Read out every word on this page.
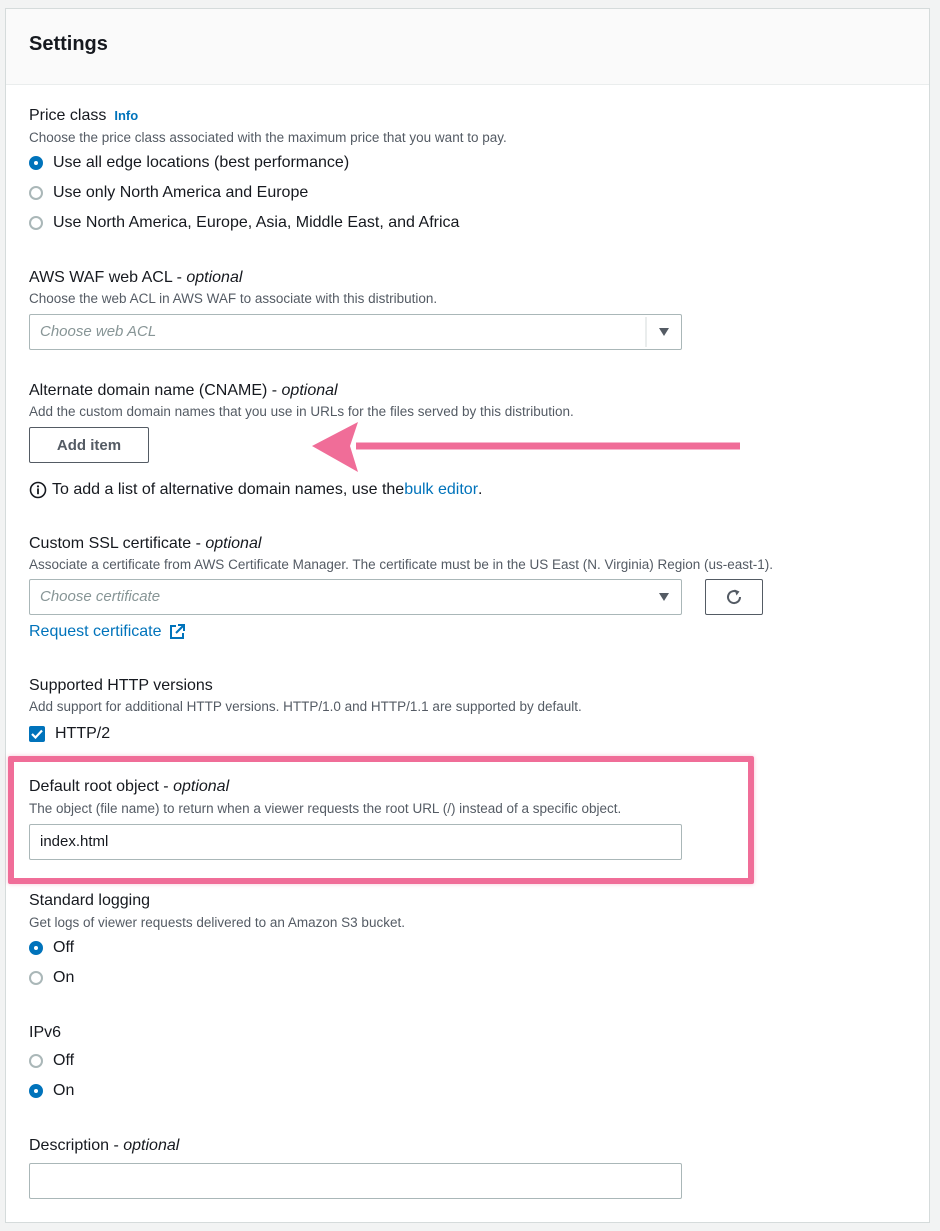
Settings
Price class Info
Choose the price class associated with the maximum price that you want to pay.
Use all edge locations (best performance)
Use only North America and Europe
Use North America, Europe, Asia, Middle East, and Africa
AWS WAF web ACL - optional
Choose the web ACL in AWS WAF to associate with this distribution.
Choose web ACL
Alternate domain name (CNAME) - optional
Add the custom domain names that you use in URLs for the files served by this distribution.
Add item
To add a list of alternative domain names, use the bulk editor .
Custom SSL certificate - optional
Associate a certificate from AWS Certificate Manager. The certificate must be in the US East (N. Virginia) Region (us-east-1).
Choose certificate
Request certificate
Supported HTTP versions
Add support for additional HTTP versions. HTTP/1.0 and HTTP/1.1 are supported by default.
HTTP/2
Default root object - optional
The object (file name) to return when a viewer requests the root URL (/) instead of a specific object.
index.html
Standard logging
Get logs of viewer requests delivered to an Amazon S3 bucket.
Off
On
IPv6
Off
On
Description - optional
